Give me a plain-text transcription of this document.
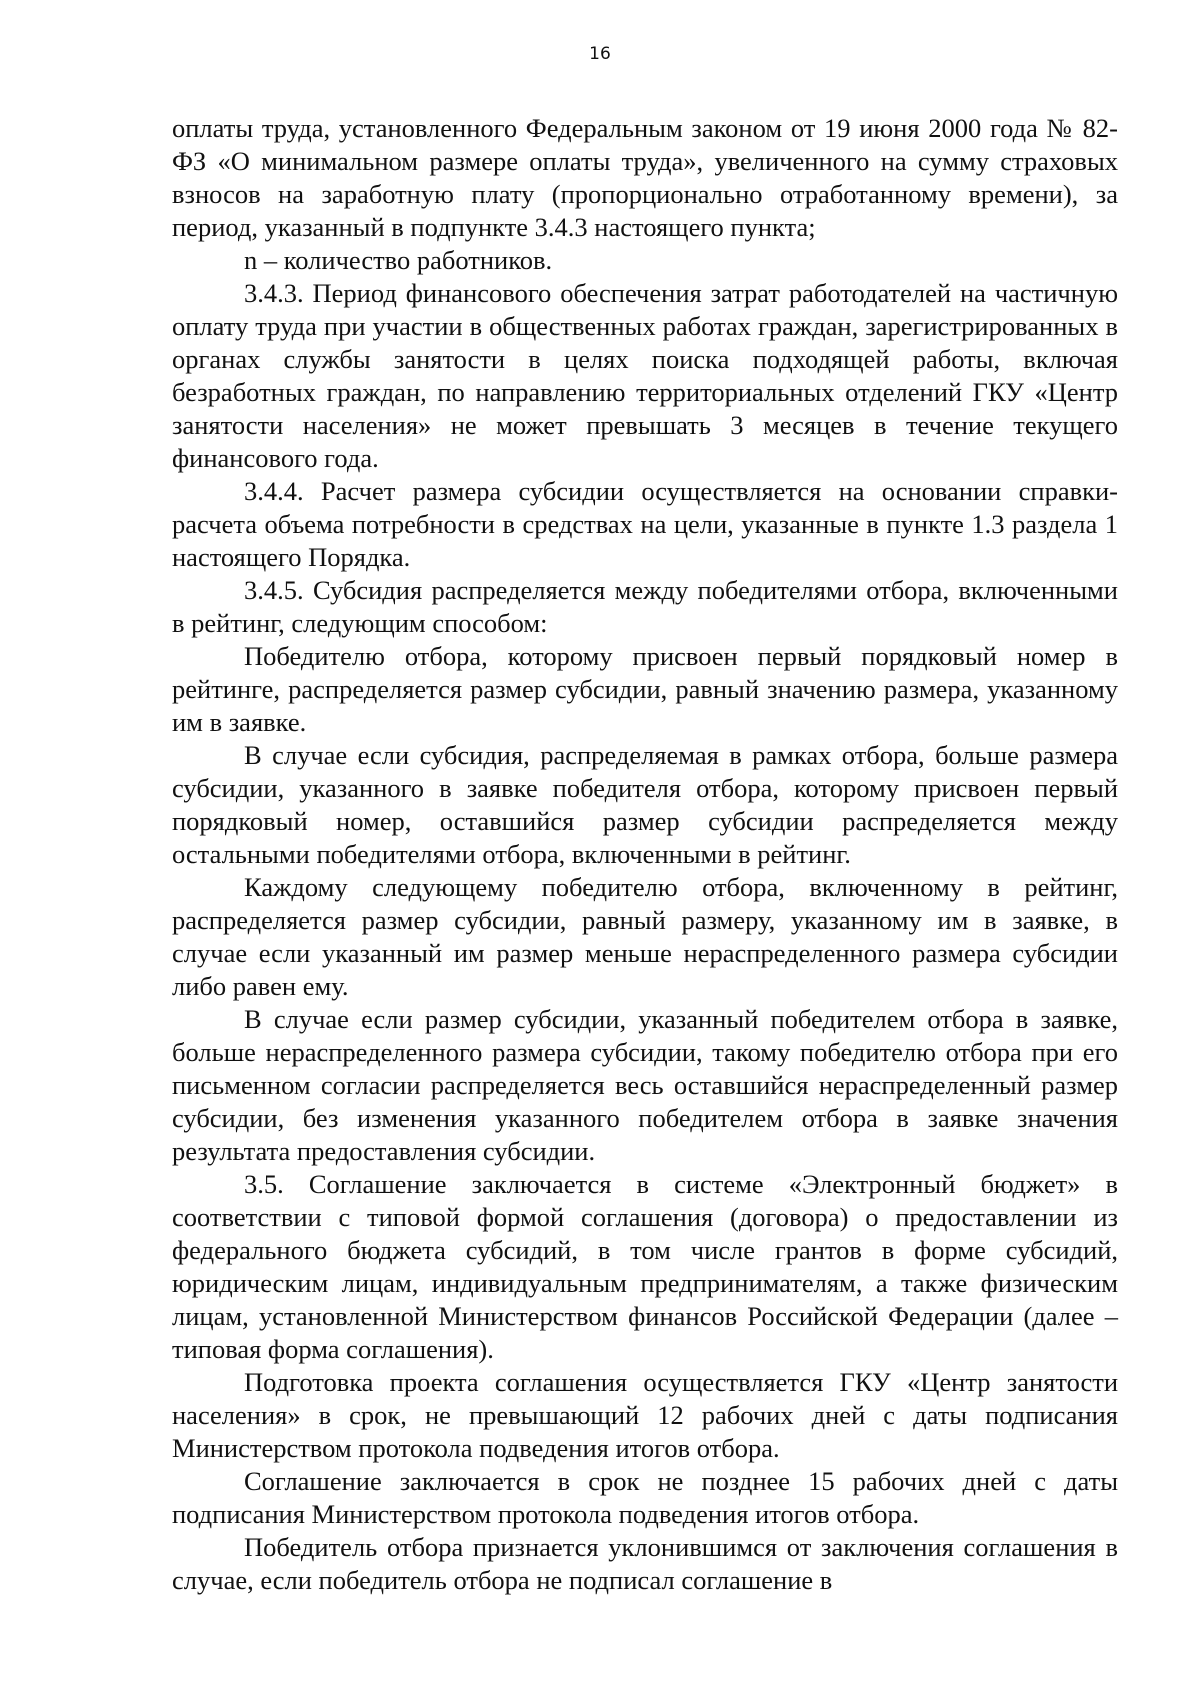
16

оплаты труда, установленного Федеральным законом от 19 июня 2000 года № 82-ФЗ «О минимальном размере оплаты труда», увеличенного на сумму страховых взносов на заработную плату (пропорционально отработанному времени), за период, указанный в подпункте 3.4.3 настоящего пункта;

n – количество работников.

3.4.3. Период финансового обеспечения затрат работодателей на частичную оплату труда при участии в общественных работах граждан, зарегистрированных в органах службы занятости в целях поиска подходящей работы, включая безработных граждан, по направлению территориальных отделений ГКУ «Центр занятости населения» не может превышать 3 месяцев в течение текущего финансового года.

3.4.4. Расчет размера субсидии осуществляется на основании справки-расчета объема потребности в средствах на цели, указанные в пункте 1.3 раздела 1 настоящего Порядка.

3.4.5. Субсидия распределяется между победителями отбора, включенными в рейтинг, следующим способом:

Победителю отбора, которому присвоен первый порядковый номер в рейтинге, распределяется размер субсидии, равный значению размера, указанному им в заявке.

В случае если субсидия, распределяемая в рамках отбора, больше размера субсидии, указанного в заявке победителя отбора, которому присвоен первый порядковый номер, оставшийся размер субсидии распределяется между остальными победителями отбора, включенными в рейтинг.

Каждому следующему победителю отбора, включенному в рейтинг, распределяется размер субсидии, равный размеру, указанному им в заявке, в случае если указанный им размер меньше нераспределенного размера субсидии либо равен ему.

В случае если размер субсидии, указанный победителем отбора в заявке, больше нераспределенного размера субсидии, такому победителю отбора при его письменном согласии распределяется весь оставшийся нераспределенный размер субсидии, без изменения указанного победителем отбора в заявке значения результата предоставления субсидии.

3.5. Соглашение заключается в системе «Электронный бюджет» в соответствии с типовой формой соглашения (договора) о предоставлении из федерального бюджета субсидий, в том числе грантов в форме субсидий, юридическим лицам, индивидуальным предпринимателям, а также физическим лицам, установленной Министерством финансов Российской Федерации (далее – типовая форма соглашения).

Подготовка проекта соглашения осуществляется ГКУ «Центр занятости населения» в срок, не превышающий 12 рабочих дней с даты подписания Министерством протокола подведения итогов отбора.

Соглашение заключается в срок не позднее 15 рабочих дней с даты подписания Министерством протокола подведения итогов отбора.

Победитель отбора признается уклонившимся от заключения соглашения в случае, если победитель отбора не подписал соглашение в
